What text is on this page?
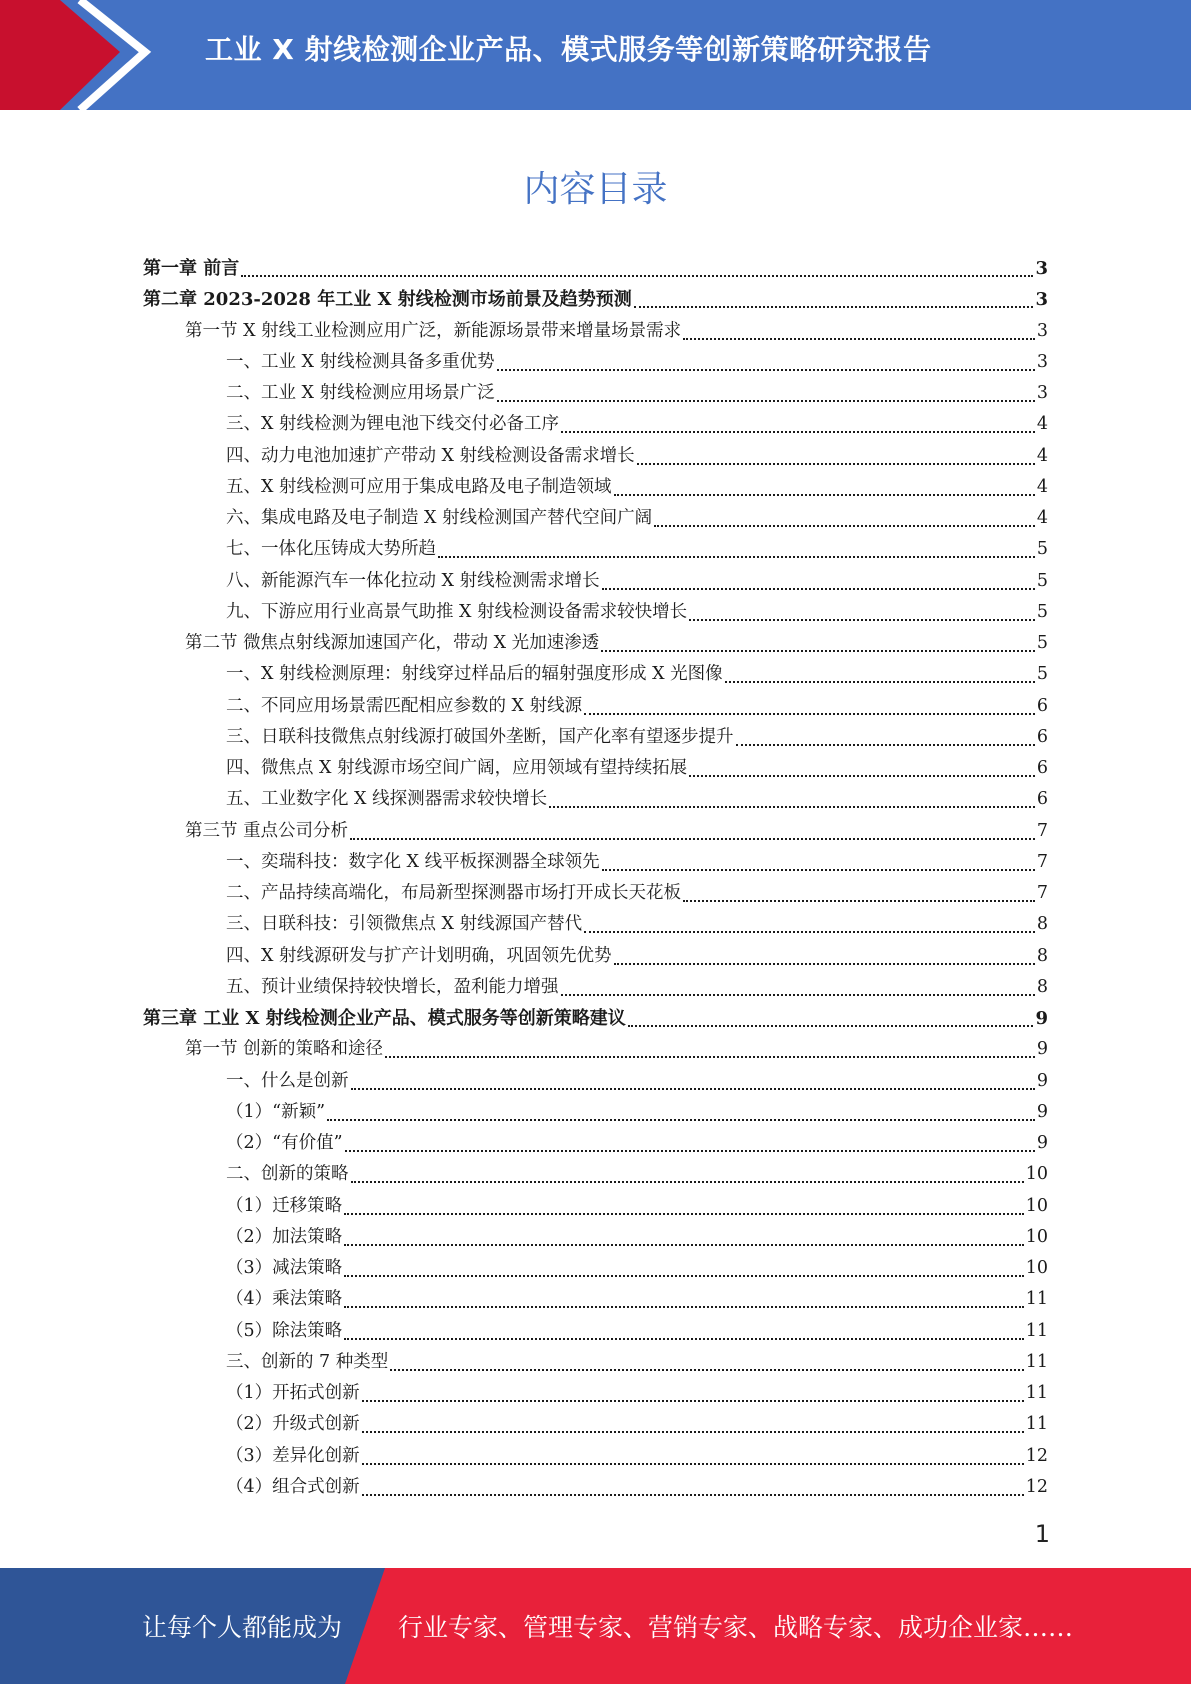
工业 X 射线检测企业产品、模式服务等创新策略研究报告
内容目录
第一章 前言	3
第二章 2023-2028 年工业 X 射线检测市场前景及趋势预测	3
第一节 X 射线工业检测应用广泛，新能源场景带来增量场景需求	3
一、工业 X 射线检测具备多重优势	3
二、工业 X 射线检测应用场景广泛	3
三、X 射线检测为锂电池下线交付必备工序	4
四、动力电池加速扩产带动 X 射线检测设备需求增长	4
五、X 射线检测可应用于集成电路及电子制造领域	4
六、集成电路及电子制造 X 射线检测国产替代空间广阔	4
七、一体化压铸成大势所趋	5
八、新能源汽车一体化拉动 X 射线检测需求增长	5
九、下游应用行业高景气助推 X 射线检测设备需求较快增长	5
第二节 微焦点射线源加速国产化，带动 X 光加速渗透	5
一、X 射线检测原理：射线穿过样品后的辐射强度形成 X 光图像	5
二、不同应用场景需匹配相应参数的 X 射线源	6
三、日联科技微焦点射线源打破国外垄断，国产化率有望逐步提升	6
四、微焦点 X 射线源市场空间广阔，应用领域有望持续拓展	6
五、工业数字化 X 线探测器需求较快增长	6
第三节 重点公司分析	7
一、奕瑞科技：数字化 X 线平板探测器全球领先	7
二、产品持续高端化，布局新型探测器市场打开成长天花板	7
三、日联科技：引领微焦点 X 射线源国产替代	8
四、X 射线源研发与扩产计划明确，巩固领先优势	8
五、预计业绩保持较快增长，盈利能力增强	8
第三章 工业 X 射线检测企业产品、模式服务等创新策略建议	9
第一节 创新的策略和途径	9
一、什么是创新	9
（1）“新颖”	9
（2）“有价值”	9
二、创新的策略	10
（1）迁移策略	10
（2）加法策略	10
（3）减法策略	10
（4）乘法策略	11
（5）除法策略	11
三、创新的 7 种类型	11
（1）开拓式创新	11
（2）升级式创新	11
（3）差异化创新	12
（4）组合式创新	12
1
让每个人都能成为 行业专家、管理专家、营销专家、战略专家、成功企业家……
